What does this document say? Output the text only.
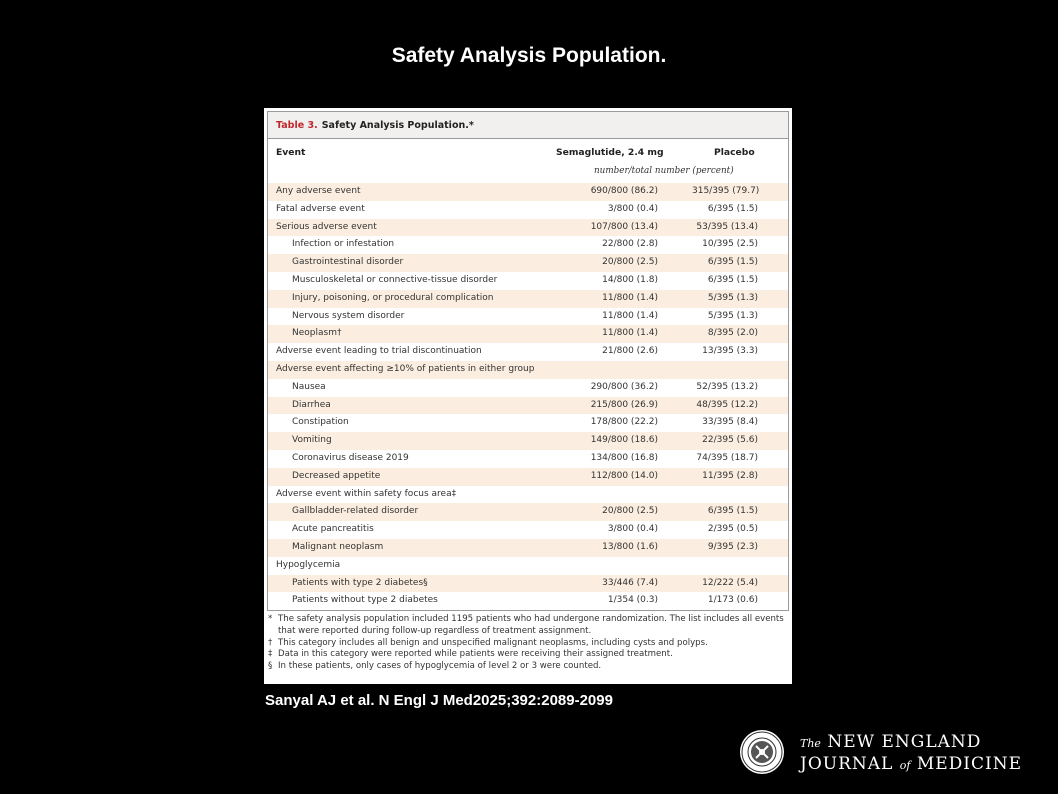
Safety Analysis Population.
Table 3. Safety Analysis Population.*
Event	Semaglutide, 2.4 mg	Placebo
number/total number (percent)
Any adverse event	690/800 (86.2)	315/395 (79.7)
Fatal adverse event	3/800 (0.4)	6/395 (1.5)
Serious adverse event	107/800 (13.4)	53/395 (13.4)
Infection or infestation	22/800 (2.8)	10/395 (2.5)
Gastrointestinal disorder	20/800 (2.5)	6/395 (1.5)
Musculoskeletal or connective-tissue disorder	14/800 (1.8)	6/395 (1.5)
Injury, poisoning, or procedural complication	11/800 (1.4)	5/395 (1.3)
Nervous system disorder	11/800 (1.4)	5/395 (1.3)
Neoplasm†	11/800 (1.4)	8/395 (2.0)
Adverse event leading to trial discontinuation	21/800 (2.6)	13/395 (3.3)
Adverse event affecting ≥10% of patients in either group
Nausea	290/800 (36.2)	52/395 (13.2)
Diarrhea	215/800 (26.9)	48/395 (12.2)
Constipation	178/800 (22.2)	33/395 (8.4)
Vomiting	149/800 (18.6)	22/395 (5.6)
Coronavirus disease 2019	134/800 (16.8)	74/395 (18.7)
Decreased appetite	112/800 (14.0)	11/395 (2.8)
Adverse event within safety focus area‡
Gallbladder-related disorder	20/800 (2.5)	6/395 (1.5)
Acute pancreatitis	3/800 (0.4)	2/395 (0.5)
Malignant neoplasm	13/800 (1.6)	9/395 (2.3)
Hypoglycemia
Patients with type 2 diabetes§	33/446 (7.4)	12/222 (5.4)
Patients without type 2 diabetes	1/354 (0.3)	1/173 (0.6)
* The safety analysis population included 1195 patients who had undergone randomization. The list includes all events that were reported during follow-up regardless of treatment assignment.
† This category includes all benign and unspecified malignant neoplasms, including cysts and polyps.
‡ Data in this category were reported while patients were receiving their assigned treatment.
§ In these patients, only cases of hypoglycemia of level 2 or 3 were counted.
Sanyal AJ et al. N Engl J Med2025;392:2089-2099
The NEW ENGLAND
JOURNAL of MEDICINE
